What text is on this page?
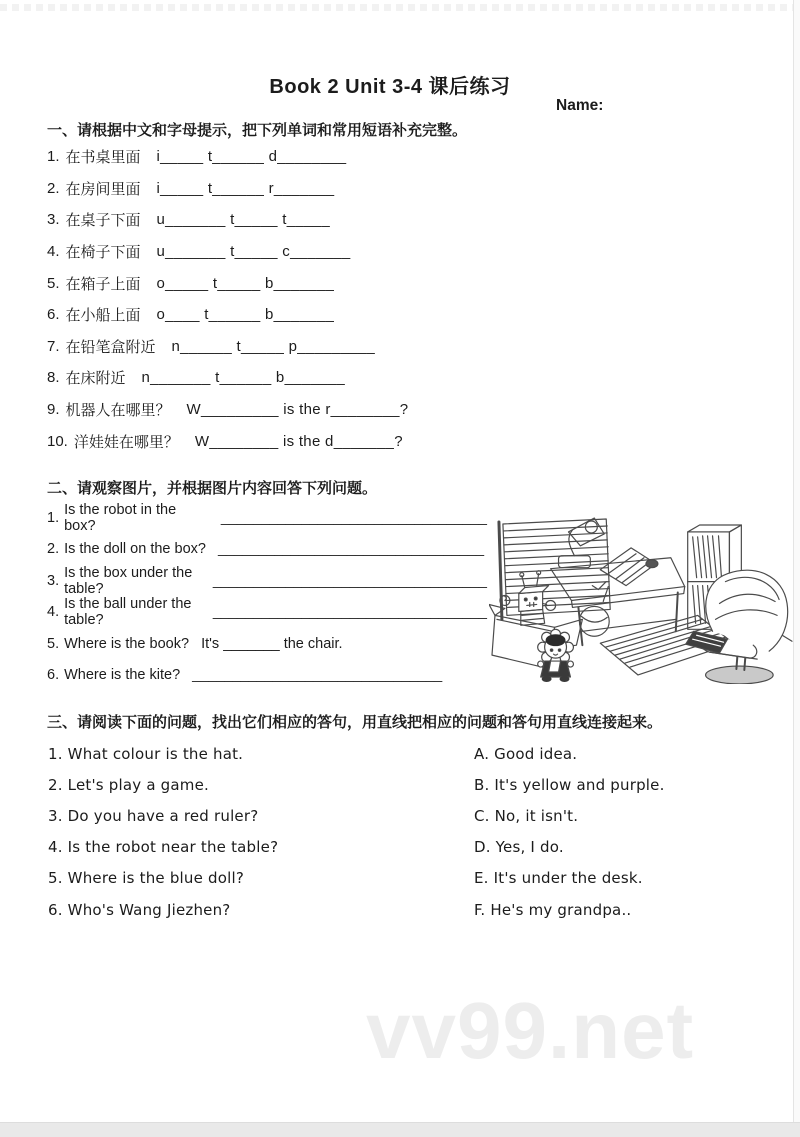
vv99.net
Book 2 Unit 3-4 课后练习
Name:
一、请根据中文和字母提示，把下列单词和常用短语补充完整。
1. 在书桌里面 i_____ t______ d________
2. 在房间里面 i_____ t______ r_______
3. 在桌子下面 u_______ t_____ t_____
4. 在椅子下面 u_______ t_____ c_______
5. 在箱子上面 o_____ t_____ b_______
6. 在小船上面 o____ t______ b_______
7. 在铅笔盒附近 n______ t_____ p_________
8. 在床附近 n_______ t______ b_______
9. 机器人在哪里？ W_________ is the r________?
10. 洋娃娃在哪里？ W________ is the d_______?
二、请观察图片，并根据图片内容回答下列问题。
1. Is the robot in the box?	_________________________________
2. Is the doll on the box? _________________________________
3. Is the box under the table?	__________________________________
4. Is the ball under the table?	__________________________________
5. Where is the book?   It's _______ the chair.
6. Where is the kite? _______________________________
三、请阅读下面的问题，找出它们相应的答句，用直线把相应的问题和答句用直线连接起来。
1. What colour is the hat.	A. Good idea.
2. Let's play a game.	B. It's yellow and purple.
3. Do you have a red ruler?	C. No, it isn't.
4. Is the robot near the table?	D. Yes, I do.
5. Where is the blue doll?	E. It's under the desk.
6. Who's Wang Jiezhen?	F. He's my grandpa..
